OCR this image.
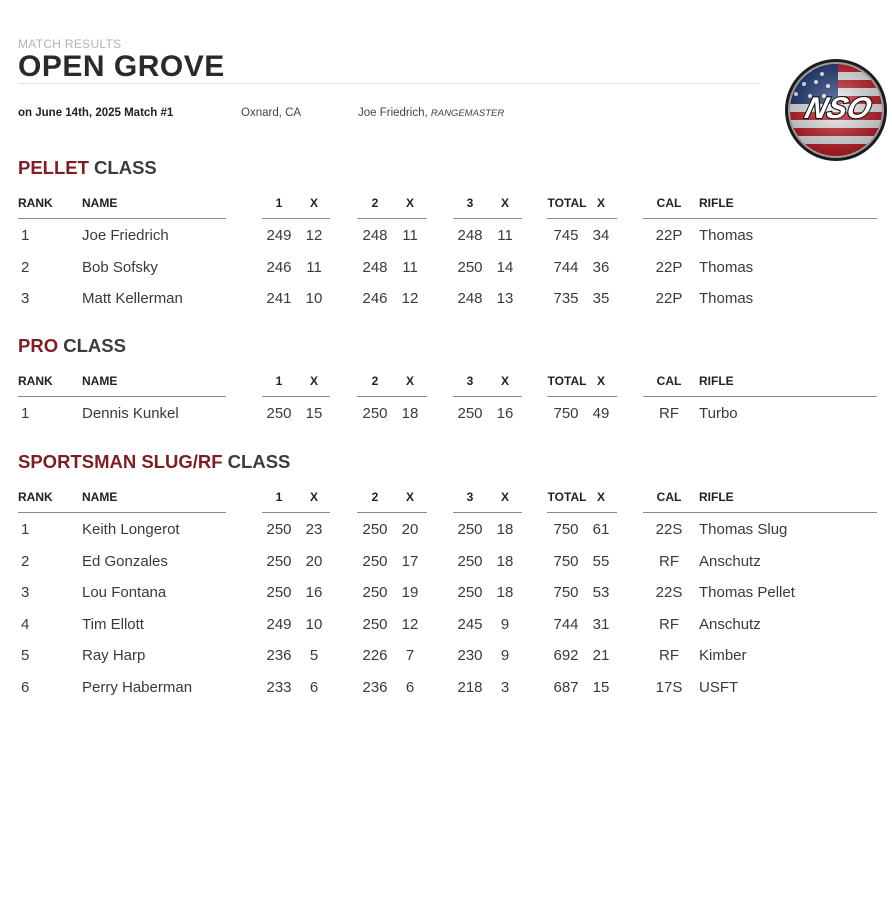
MATCH RESULTS
OPEN GROVE
on June 14th, 2025 Match #1	Oxnard, CA	Joe Friedrich, RANGEMASTER	NSO
PELLET CLASS
RANK NAME	1 X	2 X	3 X	TOTAL X	CAL RIFLE
1	Joe Friedrich	249 12	248 11	248 11	745 34	22P Thomas
2	Bob Sofsky	246 11	248 11	250 14	744 36	22P Thomas
3	Matt Kellerman	241 10	246 12	248 13	735 35	22P Thomas
PRO CLASS
RANK NAME	1 X	2 X	3 X	TOTAL X	CAL RIFLE
1	Dennis Kunkel	250 15	250 18	250 16	750 49	RF Turbo
SPORTSMAN SLUG/RF CLASS
RANK NAME	1 X	2 X	3 X	TOTAL X	CAL RIFLE
1	Keith Longerot	250 23	250 20	250 18	750 61	22S Thomas Slug
2	Ed Gonzales	250 20	250 17	250 18	750 55	RF Anschutz
3	Lou Fontana	250 16	250 19	250 18	750 53	22S Thomas Pellet
4	Tim Ellott	249 10	250 12	245 9	744 31	RF Anschutz
5	Ray Harp	236 5	226 7	230 9	692 21	RF Kimber
6	Perry Haberman	233 6	236 6	218 3	687 15	17S USFT
